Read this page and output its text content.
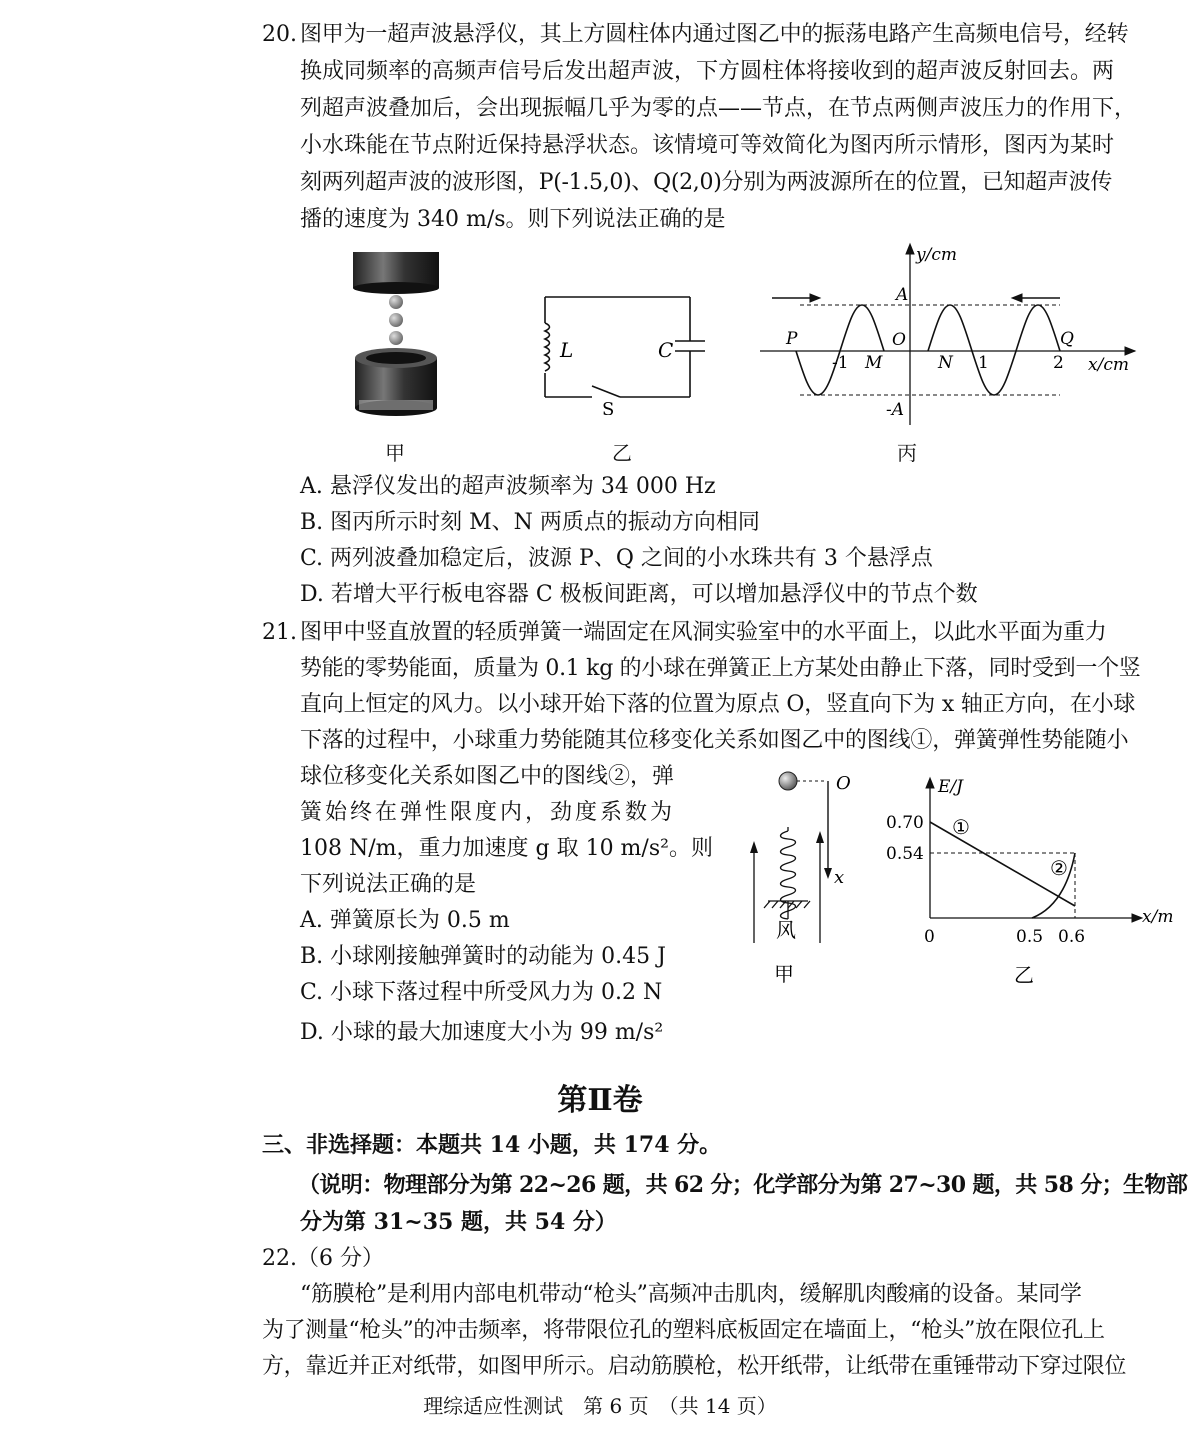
20. 图甲为一超声波悬浮仪，其上方圆柱体内通过图乙中的振荡电路产生高频电信号，经转
换成同频率的高频声信号后发出超声波，下方圆柱体将接收到的超声波反射回去。两
列超声波叠加后，会出现振幅几乎为零的点——节点，在节点两侧声波压力的作用下，
小水珠能在节点附近保持悬浮状态。该情境可等效简化为图丙所示情形，图丙为某时
刻两列超声波的波形图，P(-1.5,0)、Q(2,0)分别为两波源所在的位置，已知超声波传
播的速度为 340 m/s。则下列说法正确的是
甲
L	C
S
乙
y/cm
x/cm
A
-A
O
P	Q
M	N
-1	1	2
丙
A. 悬浮仪发出的超声波频率为 34 000 Hz
B. 图丙所示时刻 M、N 两质点的振动方向相同
C. 两列波叠加稳定后，波源 P、Q 之间的小水珠共有 3 个悬浮点
D. 若增大平行板电容器 C 极板间距离，可以增加悬浮仪中的节点个数
21. 图甲中竖直放置的轻质弹簧一端固定在风洞实验室中的水平面上，以此水平面为重力
势能的零势能面，质量为 0.1 kg 的小球在弹簧正上方某处由静止下落，同时受到一个竖
直向上恒定的风力。以小球开始下落的位置为原点 O，竖直向下为 x 轴正方向，在小球
下落的过程中，小球重力势能随其位移变化关系如图乙中的图线①，弹簧弹性势能随小
球位移变化关系如图乙中的图线②，弹
簧始终在弹性限度内，劲度系数为
108 N/m，重力加速度 g 取 10 m/s²。则
下列说法正确的是
A. 弹簧原长为 0.5 m
B. 小球刚接触弹簧时的动能为 0.45 J
C. 小球下落过程中所受风力为 0.2 N
D. 小球的最大加速度大小为 99 m/s²
O
x
风
甲
E/J
x/m
0.70
0.54
0	0.5 0.6
①
②
乙
第Ⅱ卷
三、非选择题：本题共 14 小题，共 174 分。
（说明：物理部分为第 22~26 题，共 62 分；化学部分为第 27~30 题，共 58 分；生物部
分为第 31~35 题，共 54 分）
22.（6 分）
“筋膜枪”是利用内部电机带动“枪头”高频冲击肌肉，缓解肌肉酸痛的设备。某同学
为了测量“枪头”的冲击频率，将带限位孔的塑料底板固定在墙面上，“枪头”放在限位孔上
方，靠近并正对纸带，如图甲所示。启动筋膜枪，松开纸带，让纸带在重锤带动下穿过限位
理综适应性测试　第 6 页　（共 14 页）
